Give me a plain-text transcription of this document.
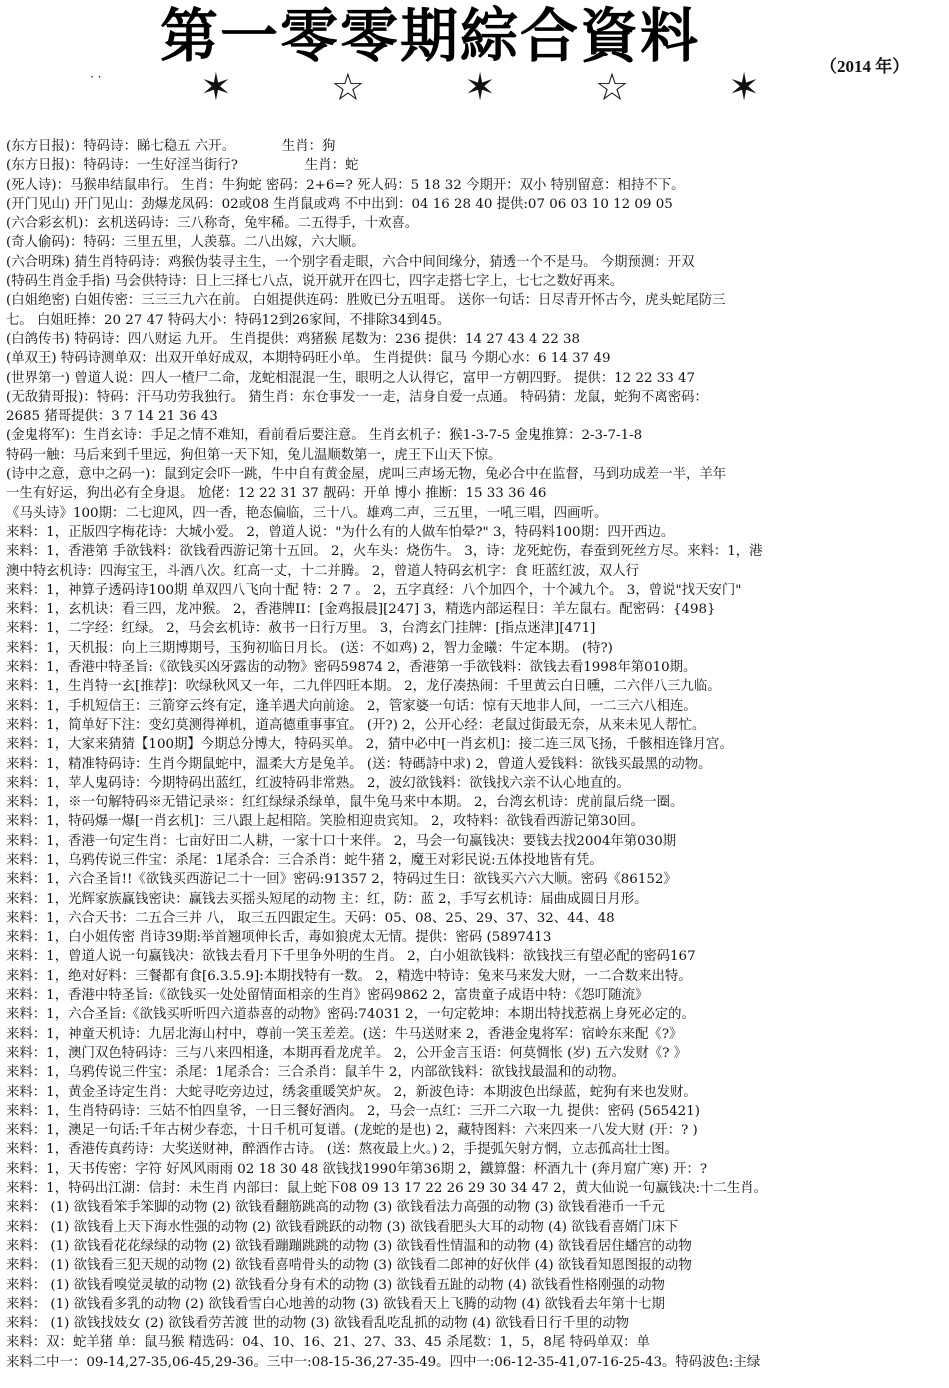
第一零零期綜合資料
· ·	✶	☆	✶	☆	✶	（2014 年）
(东方日报)：特码诗：睇七稳五 六开。　　　　生肖：狗
(东方日报)：特码诗：一生好淫当街行?　　　　　生肖：蛇
(死人诗)：马猴串结鼠串行。 生肖：牛狗蛇 密码：2+6=? 死人码：5 18 32 今期开：双小 特别留意：相持不下。
(开门见山) 开门见山：劲爆龙凤码：02或08 生肖鼠或鸡 不中出到：04 16 28 40 提供:07 06 03 10 12 09 05
(六合彩玄机)：玄机送码诗：三八称奇，兔牢稀。二五得手，十欢喜。
(奇人偷码)：特码：三里五里，人羡慕。二八出嫁，六大顺。
(六合明珠) 猜生肖特码诗：鸡猴伪装寻主生，一个别字看走眼，六合中间间缘分，猜透一个不是马。 今期预测：开双
(特码生肖金手指) 马会供特诗：日上三择七八点，说开就开在四七，四字走搭七字上，七七之数好再来。
(白姐绝密) 白姐传密：三三三九六在前。 白姐提供连码：胜败已分五咀哥。 送你一句话：日尽青开怀古今，虎头蛇尾防三
七。 白姐旺捧：20 27 47 特码大小：特码12到26家间，不排除34到45。
(白鸽传书) 特码诗：四八财运 九开。 生肖提供：鸡猪猴 尾数为：236 提供：14 27 43 4 22 38
(单双王) 特码诗测单双：出双开单好成双，本期特码旺小单。 生肖提供：鼠马 今期心水：6 14 37 49
(世界第一) 曾道人说：四人一楂尸二命，龙蛇相混混一生，眼明之人认得它，富甲一方朝四野。 提供：12 22 33 47
(无敌猜哥报)：特码：汗马功劳我独行。 猜生肖：东仓事发一一走，洁身自爱一点通。 特码猜：龙鼠，蛇狗不离密码：
2685 猪哥提供：3 7 14 21 36 43
(金鬼将军)：生肖玄诗：手足之情不难知，看前看后要注意。 生肖玄机子：猴1-3-7-5 金鬼推算：2-3-7-1-8
特码一触：马后来到千里远，狗但第一天下知，兔儿温顺数第一，虎王下山天下惊。
(诗中之意，意中之码一)：鼠到定会吓一跳，牛中自有黄金屋，虎叫三声场无物，兔必合中在监督，马到功成差一半，羊年
一生有好运，狗出必有全身退。 尬佬：12 22 31 37 靓码：开单 博小 推断：15 33 36 46
《马头诗》100期：二七迎风，四一香，艳态偏临，三十八。雄鸡二声，三五里，一吼三唱，四画听。
来料：1，正版四字梅花诗：大城小爱。 2，曾道人说："为什么有的人做车怕晕?" 3，特码料100期：四开西边。
来料：1，香港第 手欲钱料：欲钱看西游记第十五回。 2，火车头：烧伤牛。 3，诗：龙死蛇伤，春蚕到死丝方尽。来料：1，港
澳中特玄机诗：四海宝王，斗酒八次。红高一丈，十二并腾。 2，曾道人特码玄机字：食 旺蓝红波，双人行
来料：1，神算子透码诗100期 单双四八飞向十配 特：2 7 。 2，五字真经：八个加四个，十个减九个。 3，曾说"找天安门"
来料：1，玄机诀：看三四，龙冲猴。 2，香港牌II：[金鸡报晨][247] 3，精选内部运程日：羊左鼠右。配密码：{498}
来料：1，二字经：红绿。 2，马会玄机诗：赦书一日行万里。 3，台湾玄门挂牌：[指点迷津][471]
来料：1，天机报：向上三期博期号，玉狗初临日月长。 (送：不如鸡) 2，智力金曦：牛定本期。 (特?)
来料：1，香港中特圣旨:《欲钱买凶牙露齿的动物》密码59874 2，香港第一手欲钱料：欲钱去看1998年第010期。
来料：1，生肖特一玄[推荐]：吹绿秋风又一年，二九伴四旺本期。 2，龙仔凑热闹：千里黄云白日曛，二六伴八三九临。
来料：1，手机短信王：三箭穿云终有定，逢羊遇犬向前途。 2，管家婆一句话：惊有天地非人间，一二三六八相连。
来料：1，简单好下注：变幻莫测得禅机，道高德重事事宜。 (开?) 2，公开心经：老鼠过街最无奈，从来未见人帮忙。
来料：1，大家来猜猜【100期】今期总分博大，特码买单。 2，猜中必中[一肖玄机]：接二连三凤飞扬，千骸相连锋月宫。
来料：1，精准特码诗：生肖今期鼠蛇中，温柔大方是兔羊。 (送：特碼詩中求) 2，曾道人爱钱料：欲钱买最黑的动物。
来料：1，苹人鬼码诗：今期特码出蓝红，红波特码非常熟。 2，波幻欲钱料：欲钱找六亲不认心地直的。
来料：1，※一句解特码※无错记录※：红红绿绿杀绿单，鼠牛兔马来中本期。 2，台湾玄机诗：虎前鼠后绕一圈。
来料：1，特码爆一爆[一肖玄机]：三八跟上起相陪。笑脸相迎贵宾知。 2，攻特料：欲钱看西游记第30回。
来料：1，香港一句定生肖：七亩好田二人耕，一家十口十来伴。 2，马会一句赢钱决：要钱去找2004年第030期
来料：1，乌鸦传说三件宝：杀尾：1尾杀合：三合杀肖：蛇牛猪 2，魔王对彩民说:五体投地皆有凭。
来料：1，六合圣旨!!《欲钱买西游记二十一回》密码:91357 2，特码过生日：欲钱买六六大顺。密码《86152》
来料：1，光辉家族赢钱密诀：赢钱去买摇头短尾的动物 主：红，防：蓝 2，手写玄机诗：届曲成圆日月形。
来料：1，六合天书：二五合三并 八， 取三五四跟定生。天码：05、08、25、29、37、32、44、48
来料：1，白小姐传密 肖诗39期:举首翘项伸长舌，毒如狼虎太无情。提供：密码 (5897413
来料：1，曾道人说一句赢钱决：欲钱去看月下千里争外明的生肖。 2，白小姐欲钱料：欲钱找三有望必配的密码167
来料：1，绝对好料：三餐都有食[6.3.5.9]:本期找特有一数。 2，精选中特诗：兔来马来发大财，一二合数来出特。
来料：1，香港中特圣旨:《欲钱买一处处留情面相亲的生肖》密码9862 2，富贵童子成语中特：《怨叮随流》
来料：1，六合圣旨:《欲钱买听听四六道恭喜的动物》密码:74031 2，一句定乾坤：本期出特找惹祸上身死必定的。
来料：1，神童天机诗：九居北海山村中，尊前一笑玉差差。(送：牛马送财来 2，香港金鬼将军：宿岭东来配《?》
来料：1，澳门双色特码诗：三与八来四相逢，本期再看龙虎羊。 2，公开金言玉语：何莫惆怅 (岁) 五六发财《? 》
来料：1，乌鸦传说三件宝：杀尾：1尾杀合：三合杀肖：鼠羊牛 2，内部欲钱料：欲钱找最温和的动物。
来料：1，黄金圣诗定生肖：大蛇寻吃旁边过，绣衾重暖笑炉灰。 2，新波色诗：本期波色出绿蓝，蛇狗有来也发财。
来料：1，生肖特码诗：三姑不怕四皇爷，一日三餐好酒肉。 2，马会一点红：三开二六取一九 提供：密码 (565421)
来料：1，澳足一句话:千年古树少春恋，十日千机可复谱。(龙蛇的是也) 2，藏特图料：六来四来一八发大财 (开：? )
来料：1，香港传真药诗：大奖送财神，醉酒作古诗。 (送：熬夜最上火。) 2，手提弧矢射方惘，立志孤高壮士图。
来料：1，天书传密：字符 好风风雨雨 02 18 30 48 欲钱找1990年第36期 2，鐵算盤：杯酒九十 (奔月窟广寒) 开：?
来料：1，特码出江湖：信封：未生肖 内部曰：鼠上蛇下08 09 13 17 22 26 29 30 34 47 2，黄大仙说一句赢钱决:十二生肖。
来料： (1) 欲钱看笨手笨脚的动物 (2) 欲钱看翻筋跳高的动物 (3) 欲钱看法力高强的动物 (3) 欲钱看港币一千元
来料： (1) 欲钱看上天下海水性强的动物 (2) 欲钱看跳跃的动物 (3) 欲钱看肥头大耳的动物 (4) 欲钱看喜婿门床下
来料： (1) 欲钱看花花绿绿的动物 (2) 欲钱看蹦蹦跳跳的动物 (3) 欲钱看性情温和的动物 (4) 欲钱看居住蟠宫的动物
来料： (1) 欲钱看三犯天规的动物 (2) 欲钱看喜啃骨头的动物 (3) 欲钱看二郎神的好伙伴 (4) 欲钱看知恩图报的动物
来料： (1) 欲钱看嗅觉灵敏的动物 (2) 欲钱看分身有术的动物 (3) 欲钱看五趾的动物 (4) 欲钱看性格刚强的动物
来料： (1) 欲钱看多乳的动物 (2) 欲钱看雪白心地善的动物 (3) 欲钱看天上飞腾的动物 (4) 欲钱看去年第十七期
来料： (1) 欲钱找妓女 (2) 欲钱看劳苦渡 世的动物 (3) 欲钱看乱吃乱抓的动物 (4) 欲钱看日行千里的动物
来料：双：蛇羊猪 单：鼠马猴 精选码：04、10、16、21、27、33、45 杀尾数：1，5，8尾 特码单双：单
来料二中一：09-14,27-35,06-45,29-36。三中一:08-15-36,27-35-49。四中一:06-12-35-41,07-16-25-43。特码波色:主绿
